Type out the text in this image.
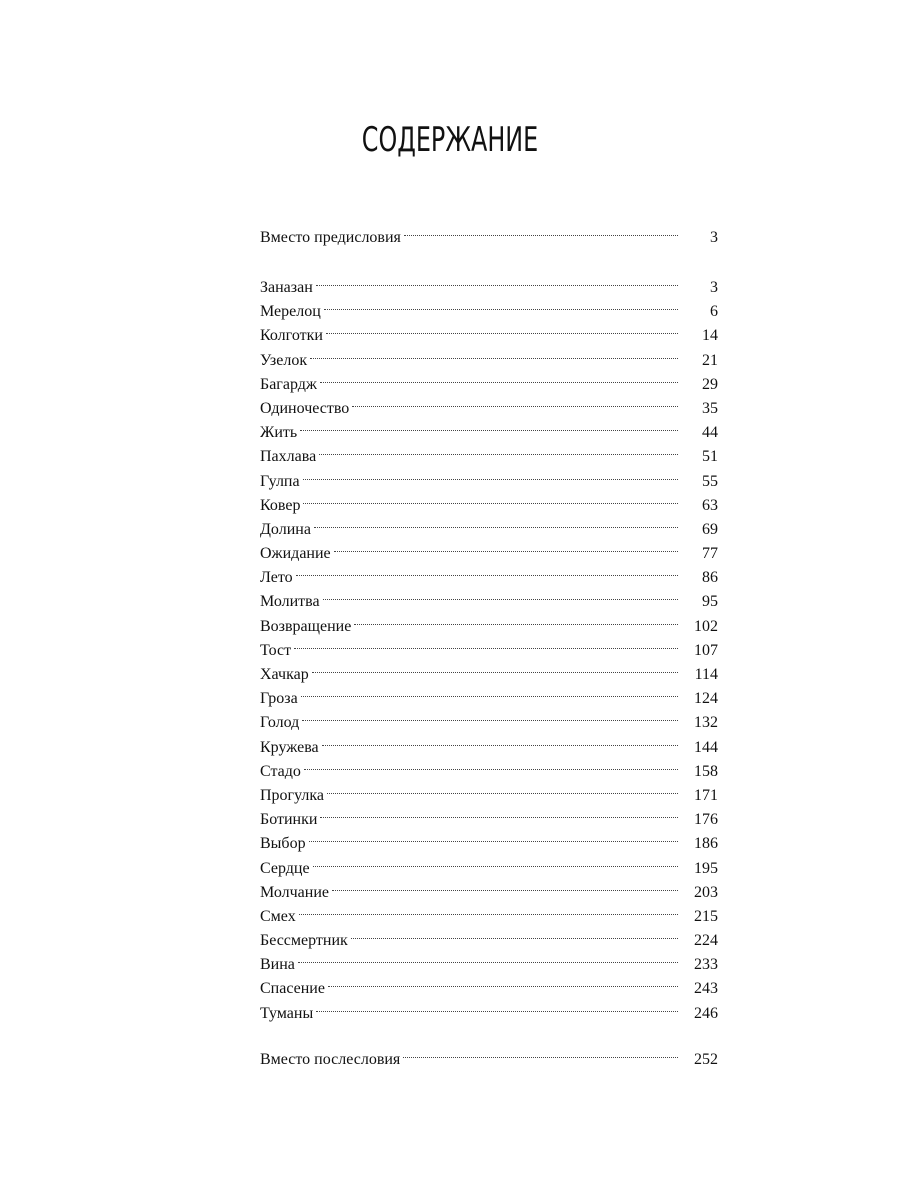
СОДЕРЖАНИЕ
Вместо предисловия	3
Заназан	3
Мерелоц	6
Колготки	14
Узелок	21
Багардж	29
Одиночество	35
Жить	44
Пахлава	51
Гулпа	55
Ковер	63
Долина	69
Ожидание	77
Лето	86
Молитва	95
Возвращение	102
Тост	107
Хачкар	114
Гроза	124
Голод	132
Кружева	144
Стадо	158
Прогулка	171
Ботинки	176
Выбор	186
Сердце	195
Молчание	203
Смех	215
Бессмертник	224
Вина	233
Спасение	243
Туманы	246
Вместо послесловия	252
